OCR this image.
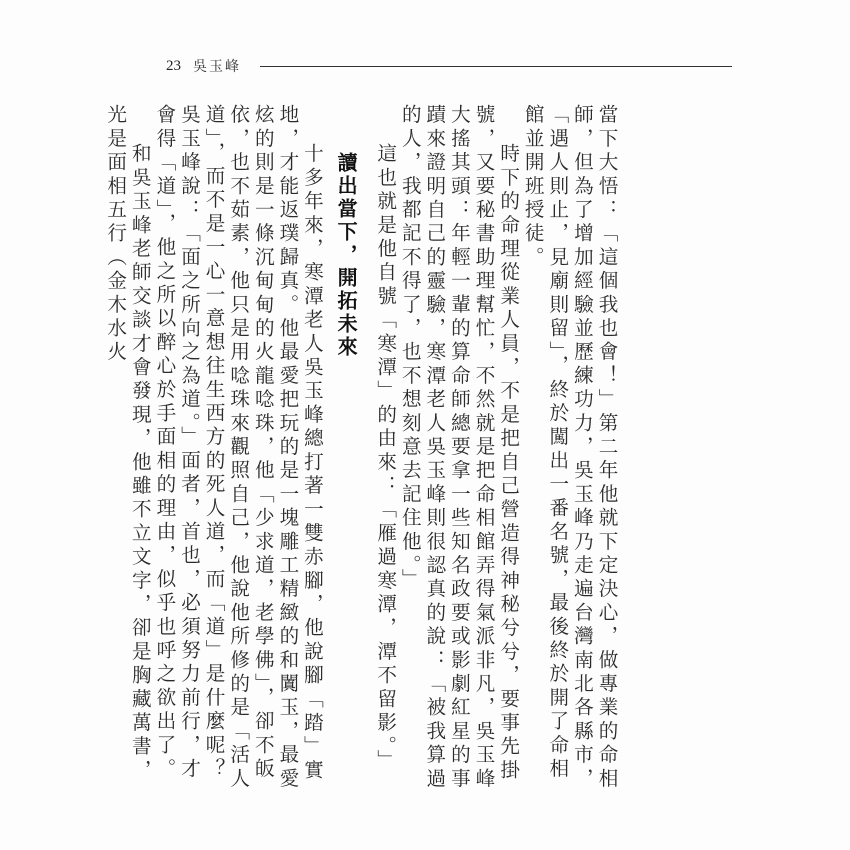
23 吳玉峰

當下大悟：「這個我也會！」第二年他就下定決心，做專業的命相師，但為了增加經驗並歷練功力，吳玉峰乃走遍台灣南北各縣市，「遇人則止，見廟則留」，終於闖出一番名號，最後終於開了命相館並開班授徒。

時下的命理從業人員，不是把自己營造得神秘兮兮，要事先掛號，又要秘書助理幫忙，不然就是把命相館弄得氣派非凡，吳玉峰大搖其頭：年輕一輩的算命師總要拿一些知名政要或影劇紅星的事蹟來證明自己的靈驗，寒潭老人吳玉峰則很認真的說：「被我算過的人，我都記不得了，也不想刻意去記住他。」

這也就是他自號「寒潭」的由來：「雁過寒潭，潭不留影。」

讀出當下，開拓未來

十多年來，寒潭老人吳玉峰總打著一雙赤腳，他說腳「踏」實地，才能返璞歸真。他最愛把玩的是一塊雕工精緻的和闐玉，最愛炫的則是一條沉甸甸的火龍唸珠，他「少求道，老學佛」，卻不皈依，也不茹素，他只是用唸珠來觀照自己，他說他所修的是「活人道」，而不是一心一意想往生西方的死人道，而「道」是什麼呢？吳玉峰說：「面之所向之為道。」面者，首也，必須努力前行，才會得「道」，他之所以醉心於手面相的理由，似乎也呼之欲出了。

和吳玉峰老師交談才會發現，他雖不立文字，卻是胸藏萬書，光是面相五行（金木水火
